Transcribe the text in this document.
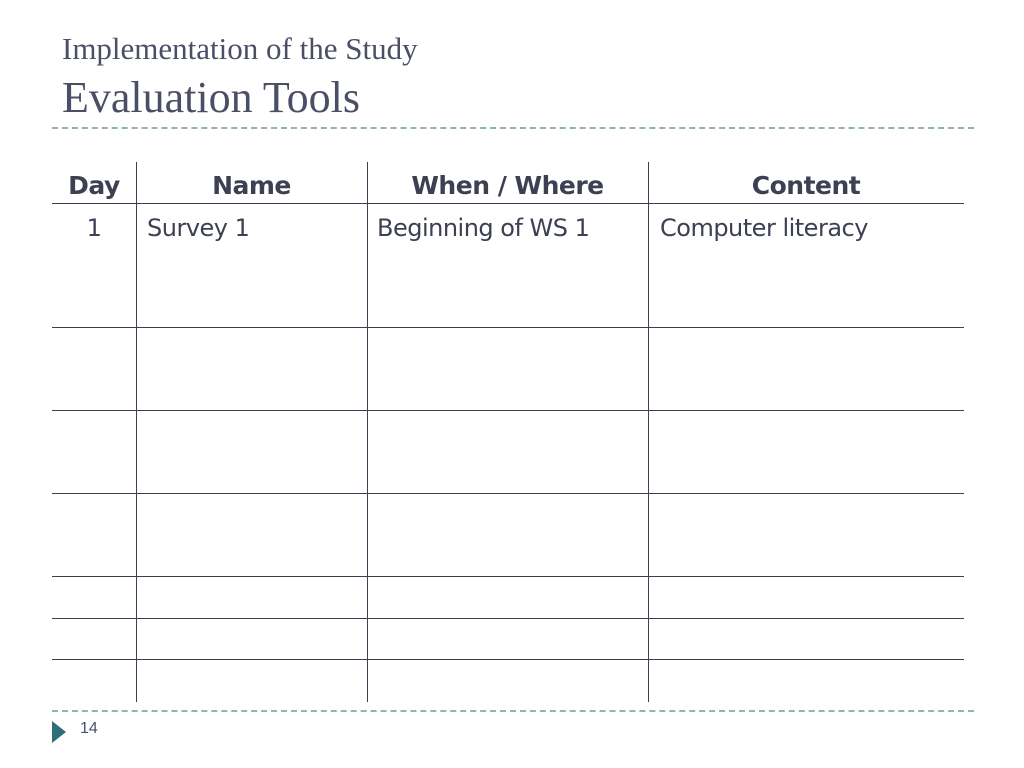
Implementation of the Study
Evaluation Tools
Day	Name	When / Where	Content
1	Survey 1	Beginning of WS 1	Computer literacy
14
